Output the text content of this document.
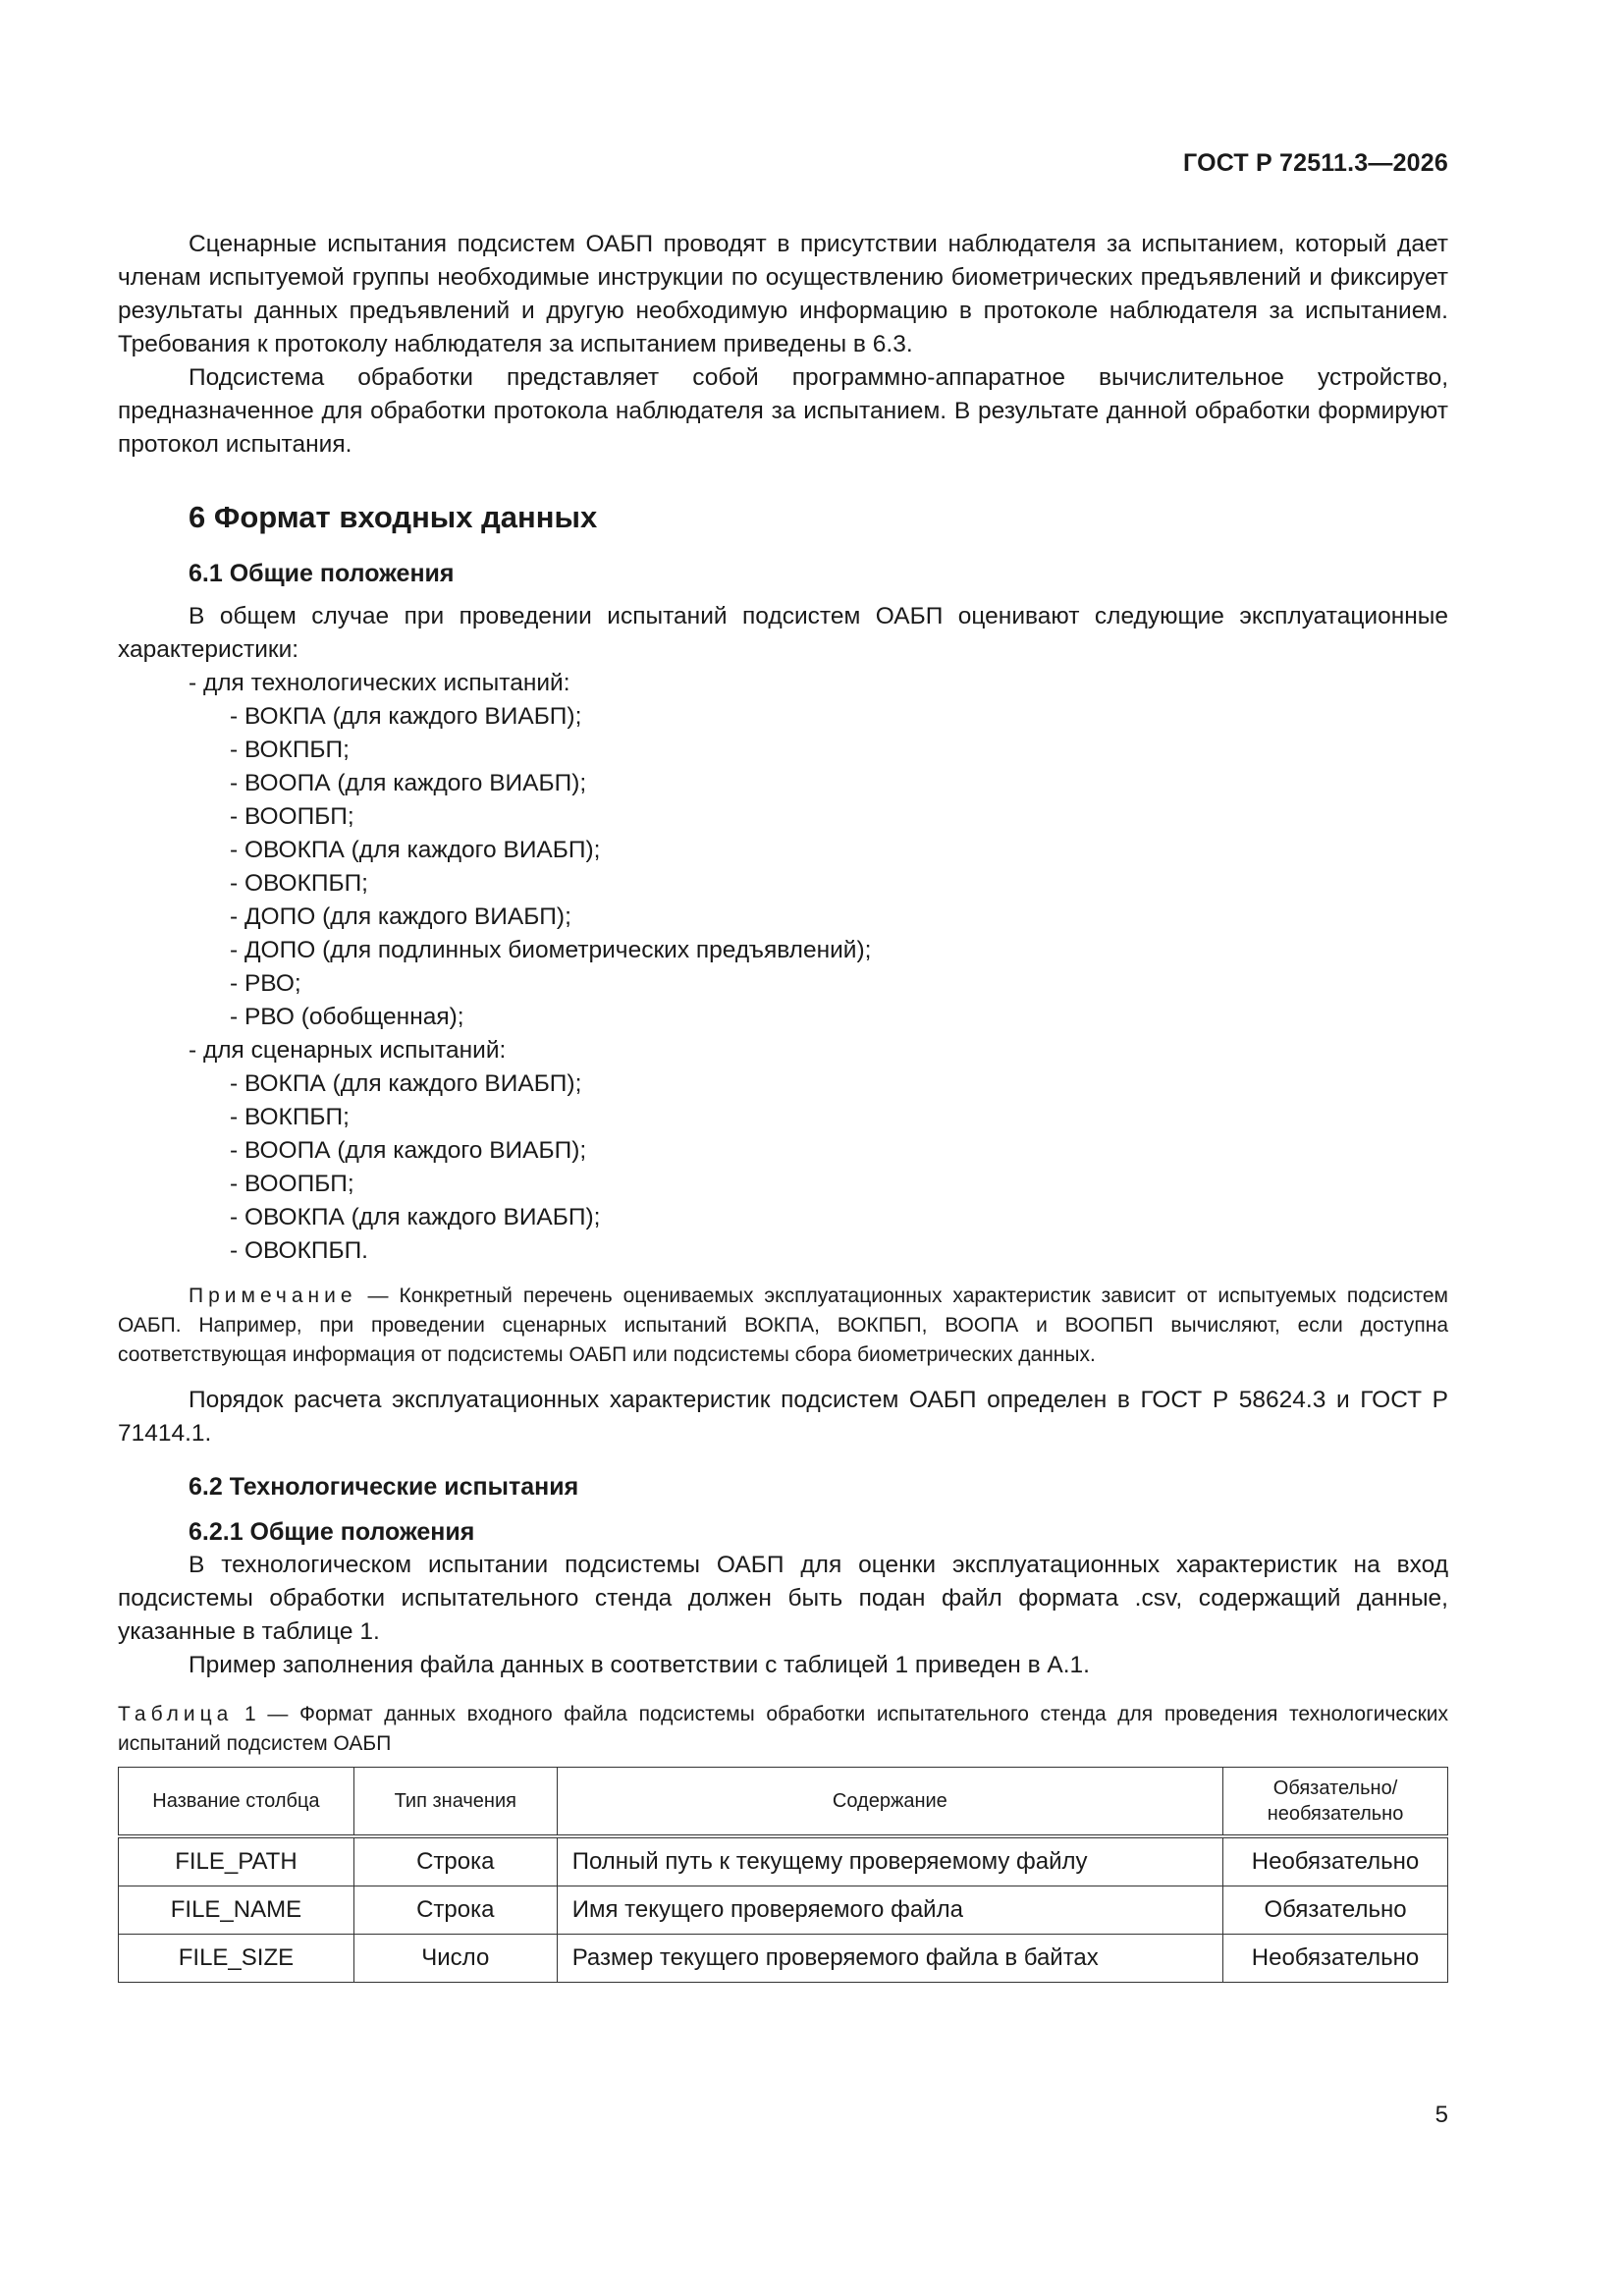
ГОСТ Р 72511.3—2026

Сценарные испытания подсистем ОАБП проводят в присутствии наблюдателя за испытанием, который дает членам испытуемой группы необходимые инструкции по осуществлению биометрических предъявлений и фиксирует результаты данных предъявлений и другую необходимую информацию в протоколе наблюдателя за испытанием. Требования к протоколу наблюдателя за испытанием приведены в 6.3.

Подсистема обработки представляет собой программно-аппаратное вычислительное устройство, предназначенное для обработки протокола наблюдателя за испытанием. В результате данной обработки формируют протокол испытания.

6 Формат входных данных
6.1 Общие положения

В общем случае при проведении испытаний подсистем ОАБП оценивают следующие эксплуатационные характеристики:

- для технологических испытаний:
- ВОКПА (для каждого ВИАБП);
- ВОКПБП;
- ВООПА (для каждого ВИАБП);
- ВООПБП;
- ОВОКПА (для каждого ВИАБП);
- ОВОКПБП;
- ДОПО (для каждого ВИАБП);
- ДОПО (для подлинных биометрических предъявлений);
- РВО;
- РВО (обобщенная);
- для сценарных испытаний:
- ВОКПА (для каждого ВИАБП);
- ВОКПБП;
- ВООПА (для каждого ВИАБП);
- ВООПБП;
- ОВОКПА (для каждого ВИАБП);
- ОВОКПБП.

Примечание — Конкретный перечень оцениваемых эксплуатационных характеристик зависит от испытуемых подсистем ОАБП. Например, при проведении сценарных испытаний ВОКПА, ВОКПБП, ВООПА и ВООПБП вычисляют, если доступна соответствующая информация от подсистемы ОАБП или подсистемы сбора биометрических данных.

Порядок расчета эксплуатационных характеристик подсистем ОАБП определен в ГОСТ Р 58624.3 и ГОСТ Р 71414.1.

6.2 Технологические испытания
6.2.1 Общие положения

В технологическом испытании подсистемы ОАБП для оценки эксплуатационных характеристик на вход подсистемы обработки испытательного стенда должен быть подан файл формата .csv, содержащий данные, указанные в таблице 1.

Пример заполнения файла данных в соответствии с таблицей 1 приведен в А.1.

Таблица 1 — Формат данных входного файла подсистемы обработки испытательного стенда для проведения технологических испытаний подсистем ОАБП

Название столбца	Тип значения	Содержание	Обязательно/
необязательно
FILE_PATH	Строка	Полный путь к текущему проверяемому файлу	Необязательно
FILE_NAME	Строка	Имя текущего проверяемого файла	Обязательно
FILE_SIZE	Число	Размер текущего проверяемого файла в байтах	Необязательно
5
